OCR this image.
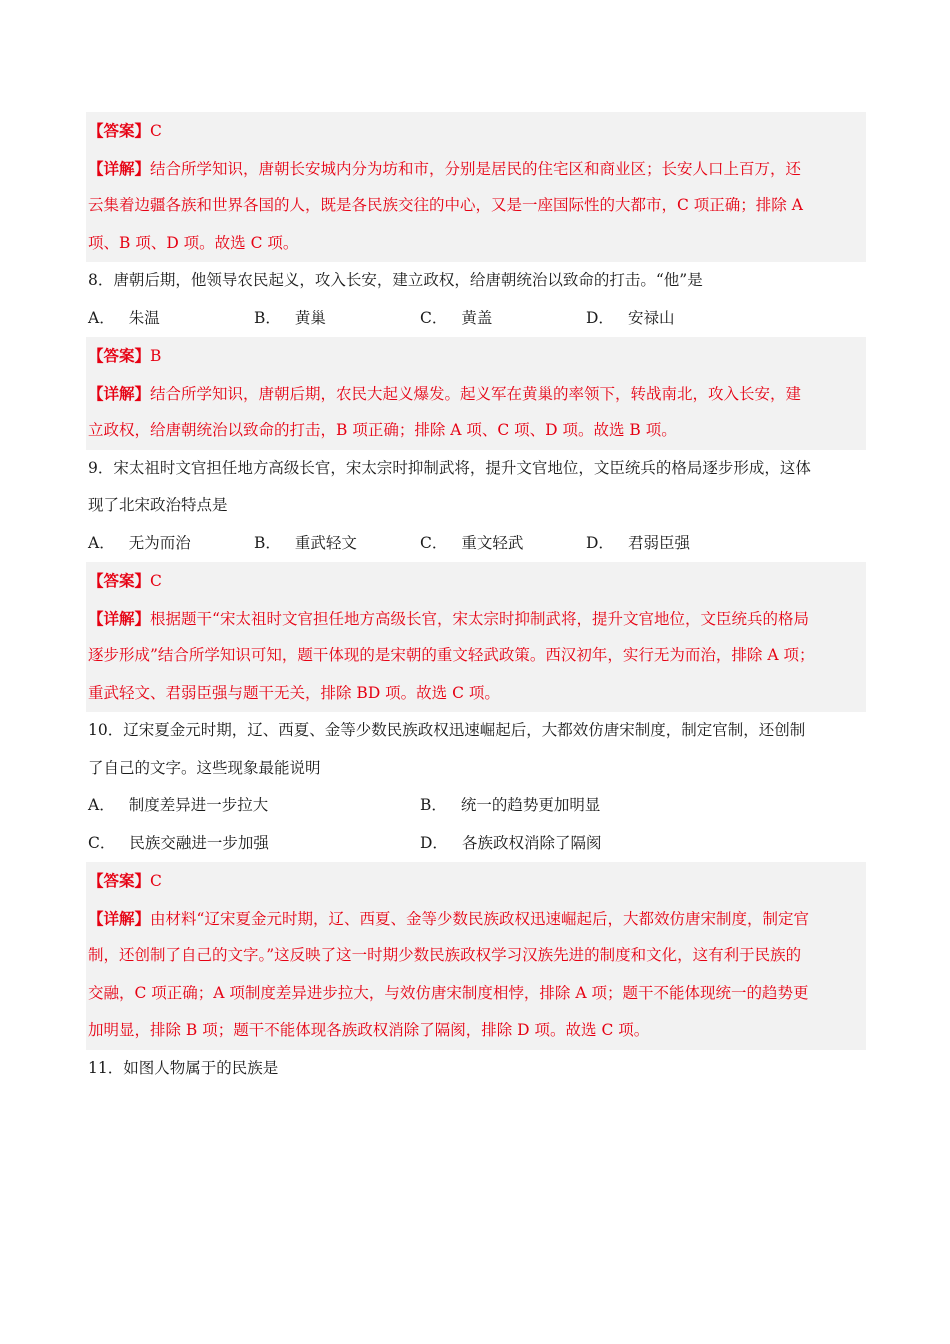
【答案】C
【详解】结合所学知识，唐朝长安城内分为坊和市，分别是居民的住宅区和商业区；长安人口上百万，还
云集着边疆各族和世界各国的人，既是各民族交往的中心，又是一座国际性的大都市，C 项正确；排除 A
项、B 项、D 项。故选 C 项。
8．唐朝后期，他领导农民起义，攻入长安，建立政权，给唐朝统治以致命的打击。“他”是
A． 朱温	B． 黄巢	C． 黄盖	D． 安禄山
【答案】B
【详解】结合所学知识，唐朝后期，农民大起义爆发。起义军在黄巢的率领下，转战南北，攻入长安，建
立政权，给唐朝统治以致命的打击，B 项正确；排除 A 项、C 项、D 项。故选 B 项。
9．宋太祖时文官担任地方高级长官，宋太宗时抑制武将，提升文官地位，文臣统兵的格局逐步形成，这体
现了北宋政治特点是
A． 无为而治	B． 重武轻文	C． 重文轻武	D． 君弱臣强
【答案】C
【详解】根据题干“宋太祖时文官担任地方高级长官，宋太宗时抑制武将，提升文官地位，文臣统兵的格局
逐步形成”结合所学知识可知，题干体现的是宋朝的重文轻武政策。西汉初年，实行无为而治，排除 A 项；
重武轻文、君弱臣强与题干无关，排除 BD 项。故选 C 项。
10．辽宋夏金元时期，辽、西夏、金等少数民族政权迅速崛起后，大都效仿唐宋制度，制定官制，还创制
了自己的文字。这些现象最能说明
A． 制度差异进一步拉大	B． 统一的趋势更加明显
C． 民族交融进一步加强	D． 各族政权消除了隔阂
【答案】C
【详解】由材料“辽宋夏金元时期，辽、西夏、金等少数民族政权迅速崛起后，大都效仿唐宋制度，制定官
制，还创制了自己的文字。”这反映了这一时期少数民族政权学习汉族先进的制度和文化，这有利于民族的
交融，C 项正确；A 项制度差异进步拉大，与效仿唐宋制度相悖，排除 A 项；题干不能体现统一的趋势更
加明显，排除 B 项；题干不能体现各族政权消除了隔阂，排除 D 项。故选 C 项。
11．如图人物属于的民族是
